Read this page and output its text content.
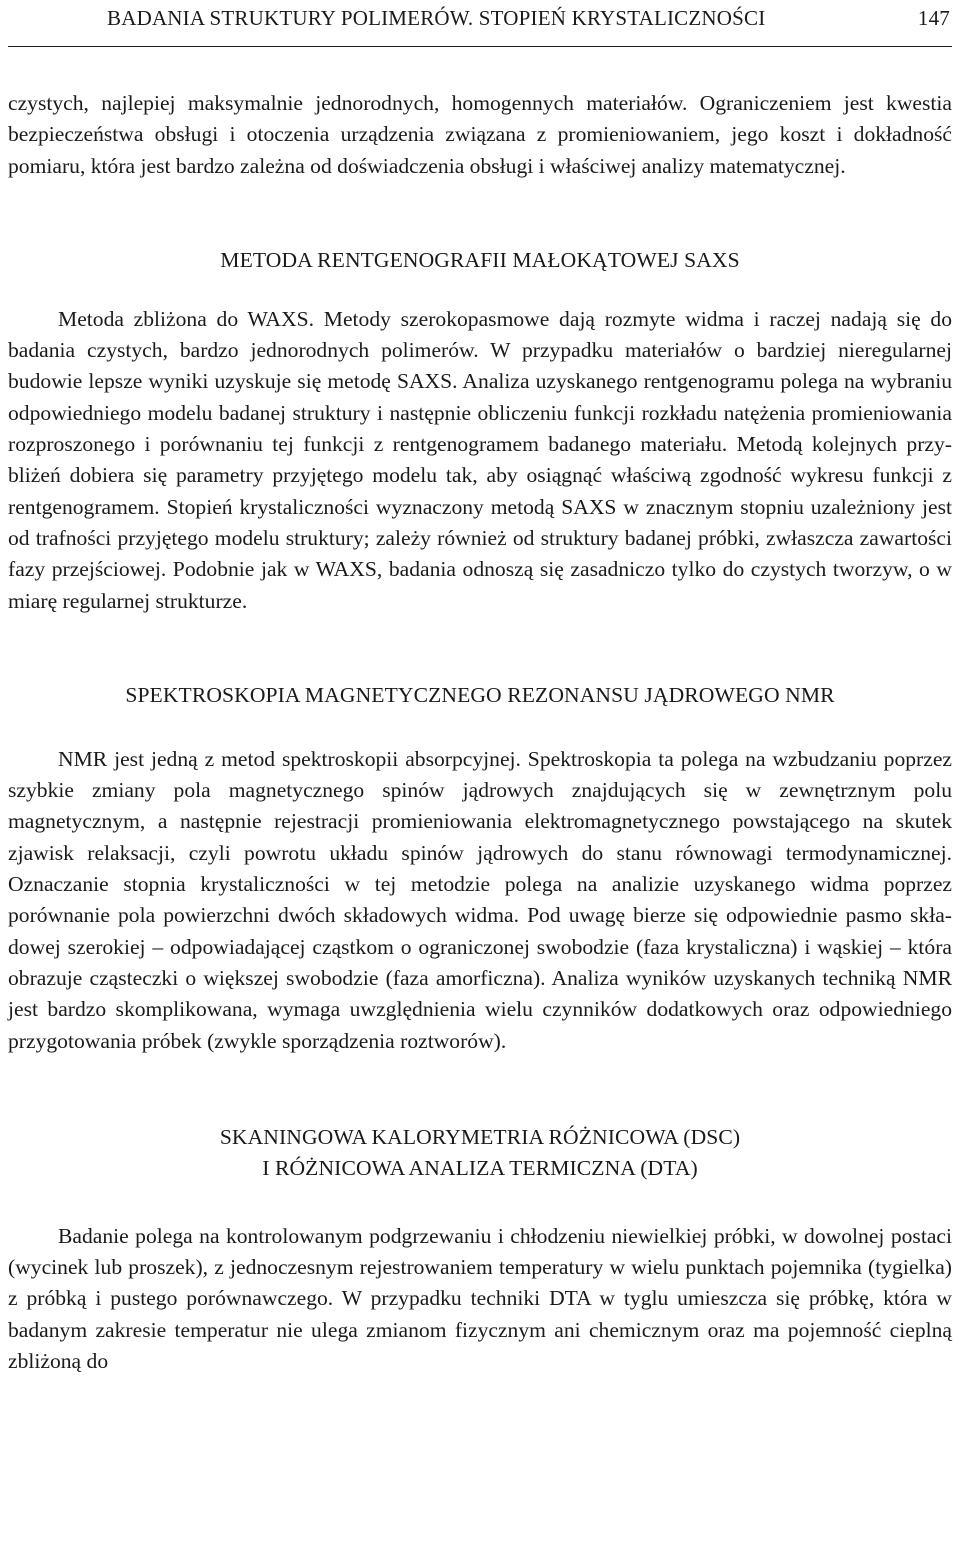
BADANIA STRUKTURY POLIMERÓW. STOPIEŃ KRYSTALICZNOŚCI	147

czystych, najlepiej maksymalnie jednorodnych, homogennych materiałów. Ograniczeniem jest kwestia bezpieczeństwa obsługi i otoczenia urządzenia związana z promieniowaniem, jego koszt i dokładność pomiaru, która jest bardzo zależna od doświadczenia obsługi i właściwej analizy matematycznej.

METODA RENTGENOGRAFII MAŁOKĄTOWEJ SAXS

Metoda zbliżona do WAXS. Metody szerokopasmowe dają rozmyte widma i raczej nadają się do badania czystych, bardzo jednorodnych polimerów. W przypadku materiałów o bardziej nieregularnej budowie lepsze wyniki uzyskuje się metodę SAXS. Analiza uzyskanego rentgenogramu polega na wybraniu odpowiedniego modelu badanej struktury i następnie obliczeniu funkcji rozkładu natężenia promieniowania rozproszonego i porównaniu tej funkcji z rentgenogramem badanego materiału. Metodą kolejnych przybliżeń dobiera się parametry przyjętego modelu tak, aby osiągnąć właściwą zgodność wykresu funkcji z rentgenogramem. Stopień krystaliczności wyznaczony metodą SAXS w znacznym stopniu uzależniony jest od trafności przyjętego modelu struktury; zależy również od struktury badanej próbki, zwłaszcza zawartości fazy przejściowej. Podobnie jak w WAXS, badania odnoszą się zasadniczo tylko do czystych tworzyw, o w miarę regularnej strukturze.

SPEKTROSKOPIA MAGNETYCZNEGO REZONANSU JĄDROWEGO NMR

NMR jest jedną z metod spektroskopii absorpcyjnej. Spektroskopia ta polega na wzbudzaniu poprzez szybkie zmiany pola magnetycznego spinów jądrowych znajdujących się w zewnętrznym polu magnetycznym, a następnie rejestracji promieniowania elektromagnetycznego powstającego na skutek zjawisk relaksacji, czyli powrotu układu spinów jądrowych do stanu równowagi termodynamicznej. Oznaczanie stopnia krystaliczności w tej metodzie polega na analizie uzyskanego widma poprzez porównanie pola powierzchni dwóch składowych widma. Pod uwagę bierze się odpowiednie pasmo składowej szerokiej – odpowiadającej cząstkom o ograniczonej swobodzie (faza krystaliczna) i wąskiej – która obrazuje cząsteczki o większej swobodzie (faza amorficzna). Analiza wyników uzyskanych techniką NMR jest bardzo skomplikowana, wymaga uwzględnienia wielu czynników dodatkowych oraz odpowiedniego przygotowania próbek (zwykle sporządzenia roztworów).

SKANINGOWA KALORYMETRIA RÓŻNICOWA (DSC)
I RÓŻNICOWA ANALIZA TERMICZNA (DTA)

Badanie polega na kontrolowanym podgrzewaniu i chłodzeniu niewielkiej próbki, w dowolnej postaci (wycinek lub proszek), z jednoczesnym rejestrowaniem temperatury w wielu punktach pojemnika (tygielka) z próbką i pustego porównawczego. W przypadku techniki DTA w tyglu umieszcza się próbkę, która w badanym zakresie temperatur nie ulega zmianom fizycznym ani chemicznym oraz ma pojemność cieplną zbliżoną do
